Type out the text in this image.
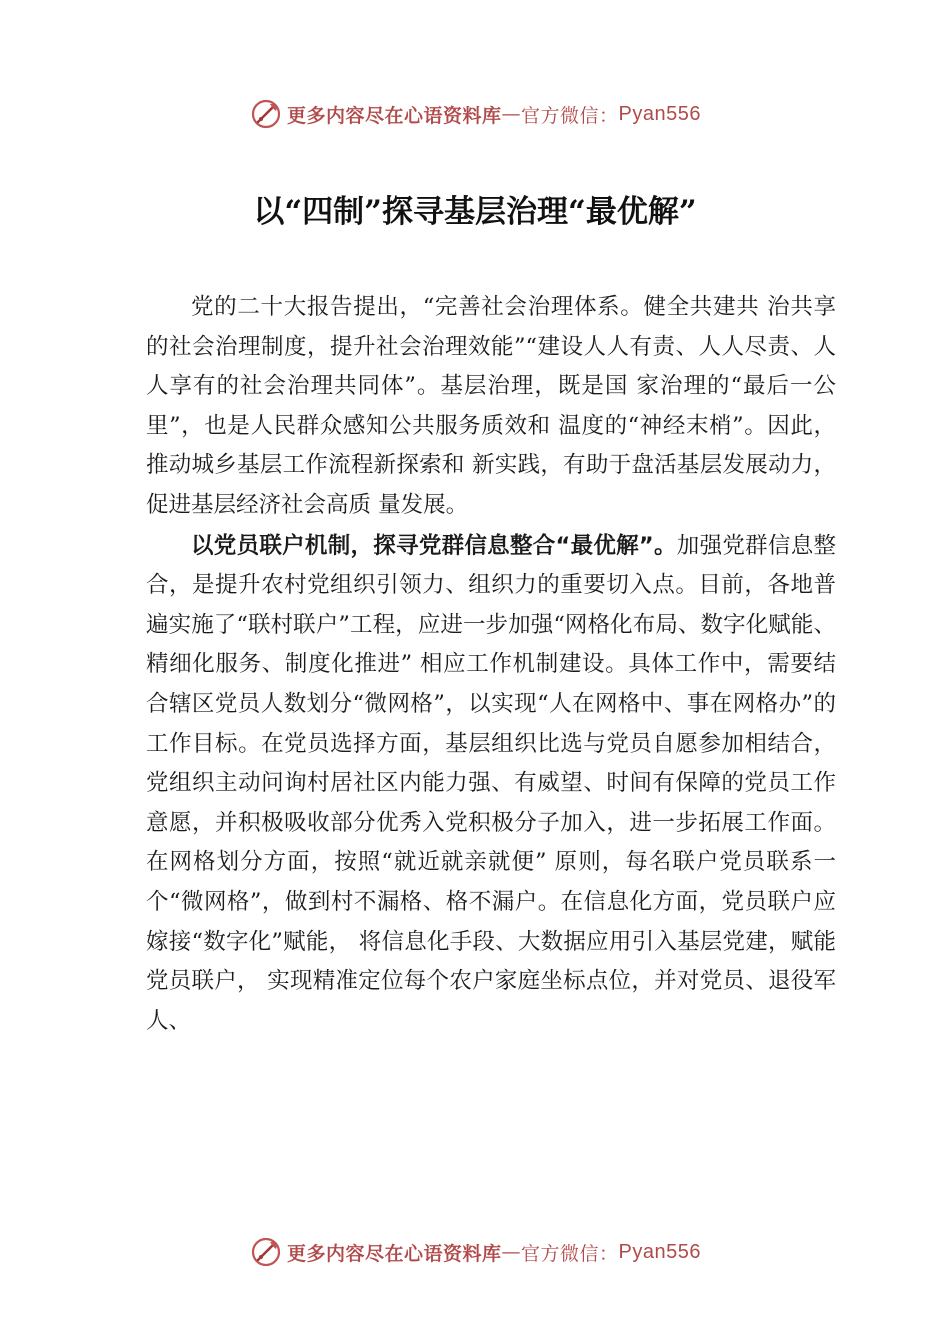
更多内容尽在心语资料库 — 官方微信： Pyan556
以“四制”探寻基层治理“最优解”

党的二十大报告提出，“完善社会治理体系。健全共建共 治共享的社会治理制度，提升社会治理效能”“建设人人有责、人人尽责、人人享有的社会治理共同体”。基层治理，既是国 家治理的“最后一公里”，也是人民群众感知公共服务质效和 温度的“神经末梢”。因此，推动城乡基层工作流程新探索和 新实践，有助于盘活基层发展动力，促进基层经济社会高质 量发展。

以党员联户机制，探寻党群信息整合“最优解”。加强党群信息整合，是提升农村党组织引领力、组织力的重要切入点。目前，各地普遍实施了“联村联户”工程，应进一步加强“网格化布局、数字化赋能、精细化服务、制度化推进” 相应工作机制建设。具体工作中，需要结合辖区党员人数划分“微网格”，以实现“人在网格中、事在网格办”的工作目标。在党员选择方面，基层组织比选与党员自愿参加相结合， 党组织主动问询村居社区内能力强、有威望、时间有保障的党员工作意愿，并积极吸收部分优秀入党积极分子加入，进一步拓展工作面。在网格划分方面，按照“就近就亲就便” 原则，每名联户党员联系一个“微网格”，做到村不漏格、格不漏户。在信息化方面，党员联户应嫁接“数字化”赋能， 将信息化手段、大数据应用引入基层党建，赋能党员联户， 实现精准定位每个农户家庭坐标点位，并对党员、退役军人、

更多内容尽在心语资料库 — 官方微信： Pyan556
